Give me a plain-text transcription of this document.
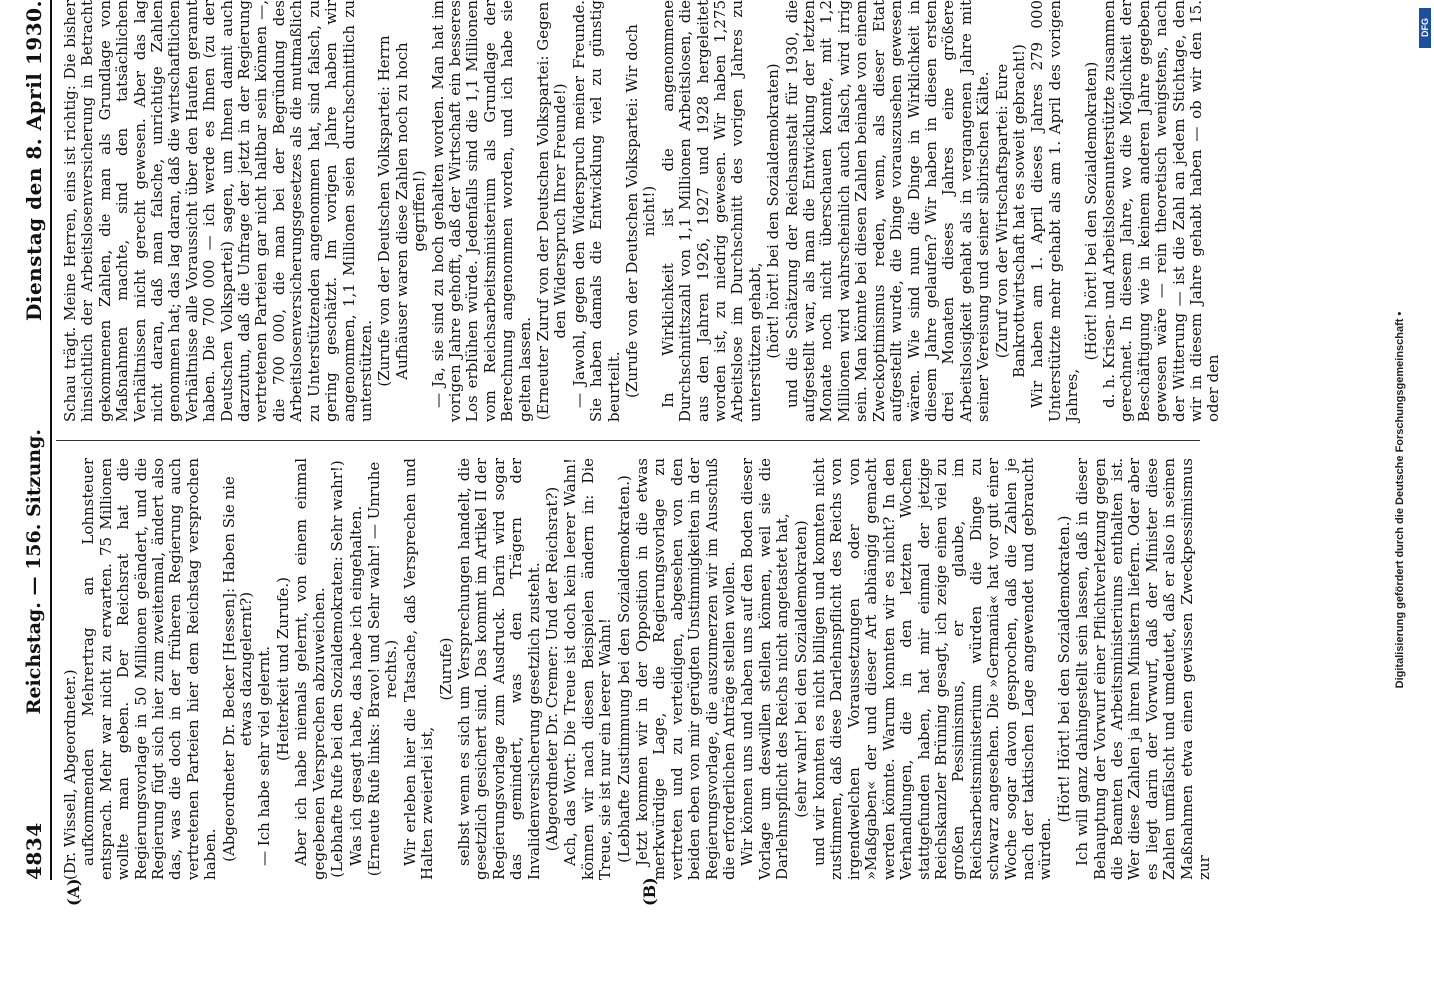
4834
Reichstag. — 156. Sitzung.
Dienstag den 8. April 1930.
(A)	(B)

(Dr. Wissell, Abgeordneter.) aufkommenden Mehrertrag an Lohnsteuer entsprach. Mehr war nicht zu erwarten. 75 Millionen wollte man geben. Der Reichsrat hat die Regierungsvorlage in 50 Millionen geändert, und die Regierung fügt sich hier zum zweitenmal, ändert also das, was die doch in der früheren Regierung auch vertretenen Parteien hier dem Reichstag versprochen haben. (Abgeordneter Dr. Becker [Hessen]: Haben Sie nie etwas dazugelernt?) — Ich habe sehr viel gelernt. (Heiterkeit und Zurufe.) Aber ich habe niemals gelernt, von einem einmal gegebenen Versprechen abzuweichen. (Lebhafte Rufe bei den Sozialdemokraten: Sehr wahr!) Was ich gesagt habe, das habe ich eingehalten. (Erneute Rufe links: Bravo! und Sehr wahr! — Unruhe rechts.) Wir erleben hier die Tatsache, daß Versprechen und Halten zweierlei ist,

(Zurufe) selbst wenn es sich um Versprechungen handelt, die gesetzlich gesichert sind. Das kommt im Artikel II der Regierungsvorlage zum Ausdruck. Darin wird sogar das gemindert, was den Trägern der Invalidenversicherung gesetzlich zusteht. (Abgeordneter Dr. Cremer: Und der Reichsrat?) Ach, das Wort: Die Treue ist doch kein leerer Wahn! können wir nach diesen Beispielen ändern in: Die Treue, sie ist nur ein leerer Wahn! (Lebhafte Zustimmung bei den Sozialdemokraten.) Jetzt kommen wir in der Opposition in die etwas merkwürdige Lage, die Regierungsvorlage zu vertreten und zu verteidigen, abgesehen von den beiden eben von mir gerügten Unstimmigkeiten in der Regierungsvorlage, die auszumerzen wir im Ausschuß die erforderlichen Anträge stellen wollen. Wir können uns und haben uns auf den Boden dieser Vorlage um deswillen stellen können, weil sie die Darlehnspflicht des Reichs nicht angetastet hat, (sehr wahr! bei den Sozialdemokraten) und wir konnten es nicht billigen und konnten nicht zustimmen, daß diese Darlehnspflicht des Reichs von irgendwelchen Voraussetzungen oder von »Maßgaben« der und dieser Art abhängig gemacht werden könnte. Warum konnten wir es nicht? In den Verhandlungen, die in den letzten Wochen stattgefunden haben, hat mir einmal der jetzige Reichskanzler Brüning gesagt, ich zeige einen viel zu großen Pessimismus, er glaube, im Reichsarbeitsministerium würden die Dinge zu schwarz angesehen. Die »Germania« hat vor gut einer Woche sogar davon gesprochen, daß die Zahlen je nach der taktischen Lage angewendet und gebraucht würden.

(Hört! Hört! bei den Sozialdemokraten.) Ich will ganz dahingestellt sein lassen, daß in dieser Behauptung der Vorwurf einer Pflichtverletzung gegen die Beamten des Arbeitsministeriums enthalten ist. Wer diese Zahlen ja ihren Ministern liefern. Oder aber es liegt darin der Vorwurf, daß der Minister diese Zahlen umfälscht und umdeutet, daß er also in seinen Maßnahmen etwa einen gewissen Zweckpessimismus zur

Schau trägt. Meine Herren, eins ist richtig: Die bisher hinsichtlich der Arbeitslosenversicherung in Betracht gekommenen Zahlen, die man als Grundlage von Maßnahmen machte, sind den tatsächlichen Verhältnissen nicht gerecht gewesen. Aber das lag nicht daran, daß man falsche, unrichtige Zahlen genommen hat; das lag daran, daß die wirtschaftlichen Verhältnisse alle Voraussicht über den Haufen gerannt haben. Die 700 000 — ich werde es Ihnen (zu der Deutschen Volkspartei) sagen, um Ihnen damit auch darzutun, daß die Unfrage der jetzt in der Regierung vertretenen Parteien gar nicht haltbar sein können —, die 700 000, die man bei der Begründung des Arbeitslosenversicherungsgesetzes als die mutmaßlich zu Unterstützenden angenommen hat, sind falsch, zu gering geschätzt. Im vorigen Jahre haben wir angenommen, 1,1 Millionen seien durchschnittlich zu unterstützen. (Zurufe von der Deutschen Volkspartei: Herrn Aufhäuser waren diese Zahlen noch zu hoch gegriffen!) — Ja, sie sind zu hoch gehalten worden. Man hat im vorigen Jahre gehofft, daß der Wirtschaft ein besseres Los erblühen würde. Jedenfalls sind die 1,1 Millionen vom Reichsarbeitsministerium als Grundlage der Berechnung angenommen worden, und ich habe sie gelten lassen. (Erneuter Zuruf von der Deutschen Volkspartei: Gegen den Widerspruch Ihrer Freunde!) — Jawohl, gegen den Widerspruch meiner Freunde. Sie haben damals die Entwicklung viel zu günstig beurteilt. (Zurufe von der Deutschen Volkspartei: Wir doch nicht!) In Wirklichkeit ist die angenommene Durchschnittszahl von 1,1 Millionen Arbeitslosen, die aus den Jahren 1926, 1927 und 1928 hergeleitet worden ist, zu niedrig gewesen. Wir haben 1,275 Arbeitslose im Durchschnitt des vorigen Jahres zu unterstützen gehabt, (hört! hört! bei den Sozialdemokraten) und die Schätzung der Reichsanstalt für 1930, die aufgestellt war, als man die Entwicklung der letzten Monate noch nicht überschauen konnte, mit 1,2 Millionen wird wahrscheinlich auch falsch, wird irrig sein. Man könnte bei diesen Zahlen beinahe von einem Zweckoptimismus reden, wenn, als dieser Etat aufgestellt wurde, die Dinge vorauszusehen gewesen wären. Wie sind nun die Dinge in Wirklichkeit in diesem Jahre gelaufen? Wir haben in diesen ersten drei Monaten dieses Jahres eine größere Arbeitslosigkeit gehabt als in vergangenen Jahre mit seiner Vereisung und seiner sibirischen Kälte. (Zuruf von der Wirtschaftspartei: Eure Bankrottwirtschaft hat es soweit gebracht!) Wir haben am 1. April dieses Jahres 279 000 Unterstützte mehr gehabt als am 1. April des vorigen Jahres,

(Hört! hört! bei den Sozialdemokraten) d. h. Krisen- und Arbeitslosenunterstützte zusammen gerechnet. In diesem Jahre, wo die Möglichkeit der Beschäftigung wie in keinem anderen Jahre gegeben gewesen wäre — rein theoretisch wenigstens, nach der Witterung — ist die Zahl an jedem Stichtage, den wir in diesem Jahre gehabt haben — ob wir den 15. oder den	Digitalisierung gefördert durch die Deutsche Forschungsgemeinschaft •
DFG
